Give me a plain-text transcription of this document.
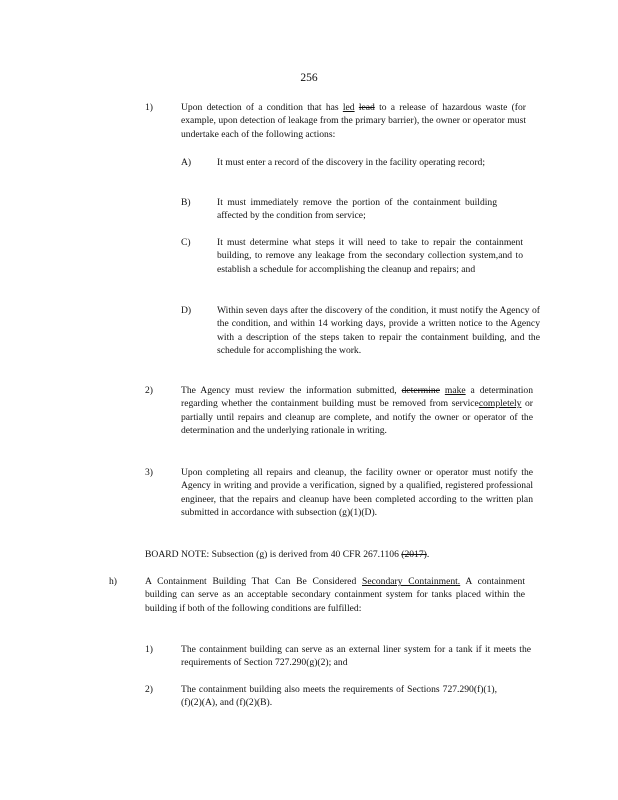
256
1)	Upon detection of a condition that has led lead to a release of hazardous waste (for example, upon detection of leakage from the primary barrier), the owner or operator must undertake each of the following actions:
A)	It must enter a record of the discovery in the facility operating record;
B)	It must immediately remove the portion of the containment building affected by the condition from service;
C)	It must determine what steps it will need to take to repair the containment building, to remove any leakage from the secondary collection system,and to establish a schedule for accomplishing the cleanup and repairs; and
D)	Within seven days after the discovery of the condition, it must notify the Agency of the condition, and within 14 working days, provide a written notice to the Agency with a description of the steps taken to repair the containment building, and the schedule for accomplishing the work.
2)	The Agency must review the information submitted, determine make a determination regarding whether the containment building must be removed from servicecompletely or partially until repairs and cleanup are complete, and notify the owner or operator of the determination and the underlying rationale in writing.
3)	Upon completing all repairs and cleanup, the facility owner or operator must notify the Agency in writing and provide a verification, signed by a qualified, registered professional engineer, that the repairs and cleanup have been completed according to the written plan submitted in accordance with subsection (g)(1)(D).
BOARD NOTE: Subsection (g) is derived from 40 CFR 267.1106 (2017).
h)	A Containment Building That Can Be Considered Secondary Containment. A containment building can serve as an acceptable secondary containment system for tanks placed within the building if both of the following conditions are fulfilled:
1)	The containment building can serve as an external liner system for a tank if it meets the requirements of Section 727.290(g)(2); and
2)	The containment building also meets the requirements of Sections 727.290(f)(1), (f)(2)(A), and (f)(2)(B).
